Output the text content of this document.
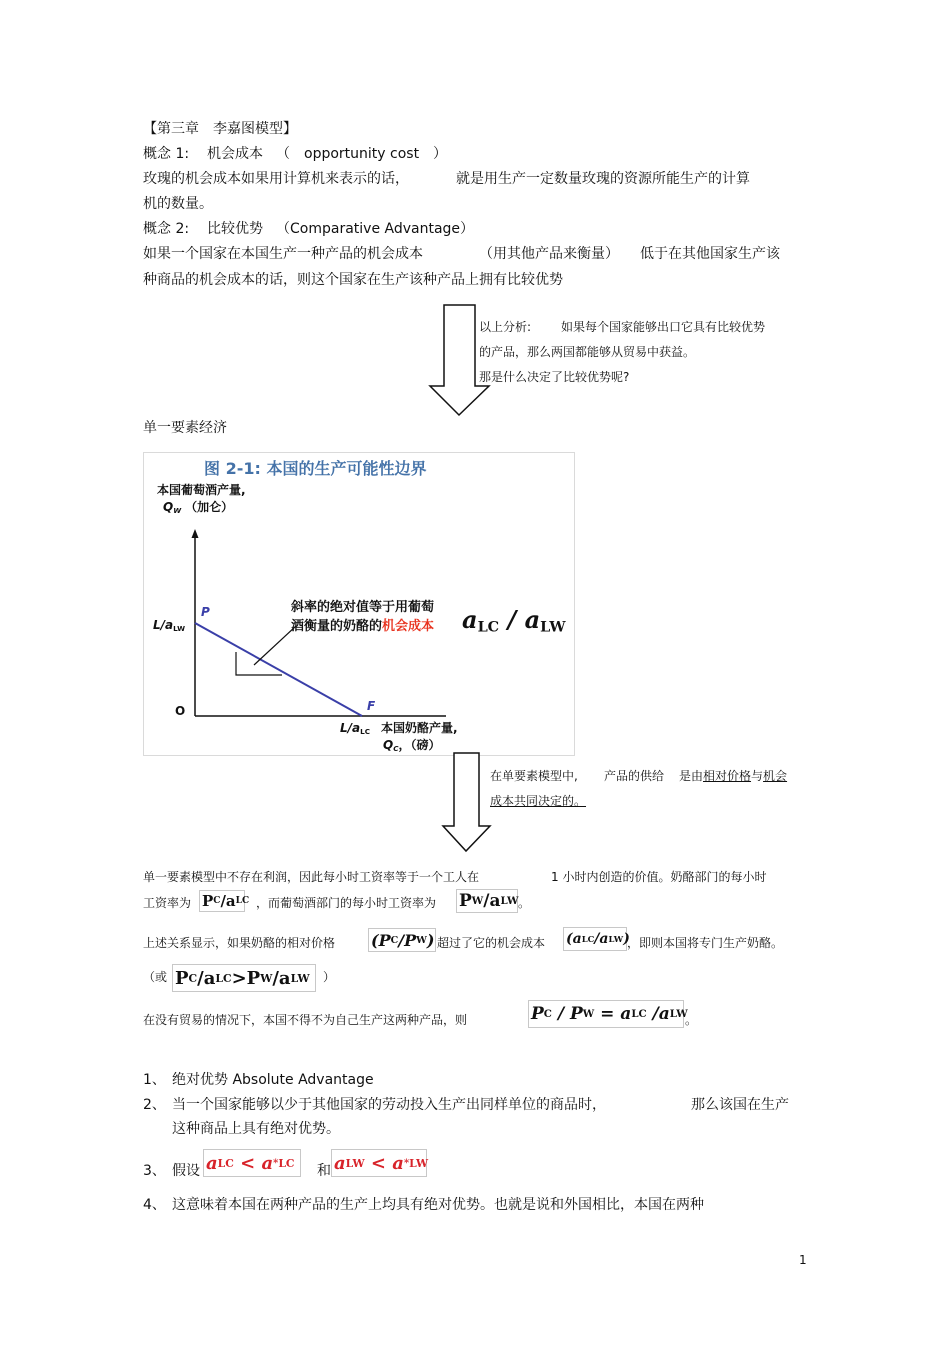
【第三章　李嘉图模型】
概念 1: 机会成本 （　opportunity cost　）
玫瑰的机会成本如果用计算机来表示的话，	就是用生产一定数量玫瑰的资源所能生产的计算
机的数量。
概念 2: 比较优势 （Comparative Advantage）
如果一个国家在本国生产一种产品的机会成本	（用其他产品来衡量） 低于在其他国家生产该
种商品的机会成本的话，则这个国家在生产该种产品上拥有比较优势
以上分析: 如果每个国家能够出口它具有比较优势
的产品，那么两国都能够从贸易中获益。
那是什么决定了比较优势呢?
单一要素经济
图 2-1: 本国的生产可能性边界
本国葡萄酒产量,
$Q_W$ （加仑）
$L/a_{LW}$
P
O	F
$L/a_{LC}$ 本国奶酪产量,
$Q_C$，（磅）
斜率的绝对值等于用葡萄
酒衡量的奶酪的机会成本 $a_{LC} / a_{LW}$
在单要素模型中, 产品的供给 是由相对价格与机会
成本共同决定的。
单一要素模型中不存在利润，因此每小时工资率等于一个工人在	1 小时内创造的价值。奶酪部门的每小时
工资率为 P C /a LC ，而葡萄酒部门的每小时工资率为 P W /a LW 。
上述关系显示，如果奶酪的相对价格 ( P C / P W ) 超过了它的机会成本 ( a LC / a LW )
，即则本国将专门生产奶酪。
（或 P C /a LC >P W /a LW ）
在没有贸易的情况下，本国不得不为自己生产这两种产品，则	P C / P W = a LC /a LW
。
1、 绝对优势 Absolute Advantage
2、 当一个国家能够以少于其他国家的劳动投入生产出同样单位的商品时，	那么该国在生产
这种商品上具有绝对优势。
3、 假设 a LC < a * LC 和 a LW < a * LW
4、 这意味着本国在两种产品的生产上均具有绝对优势。也就是说和外国相比，本国在两种
1
